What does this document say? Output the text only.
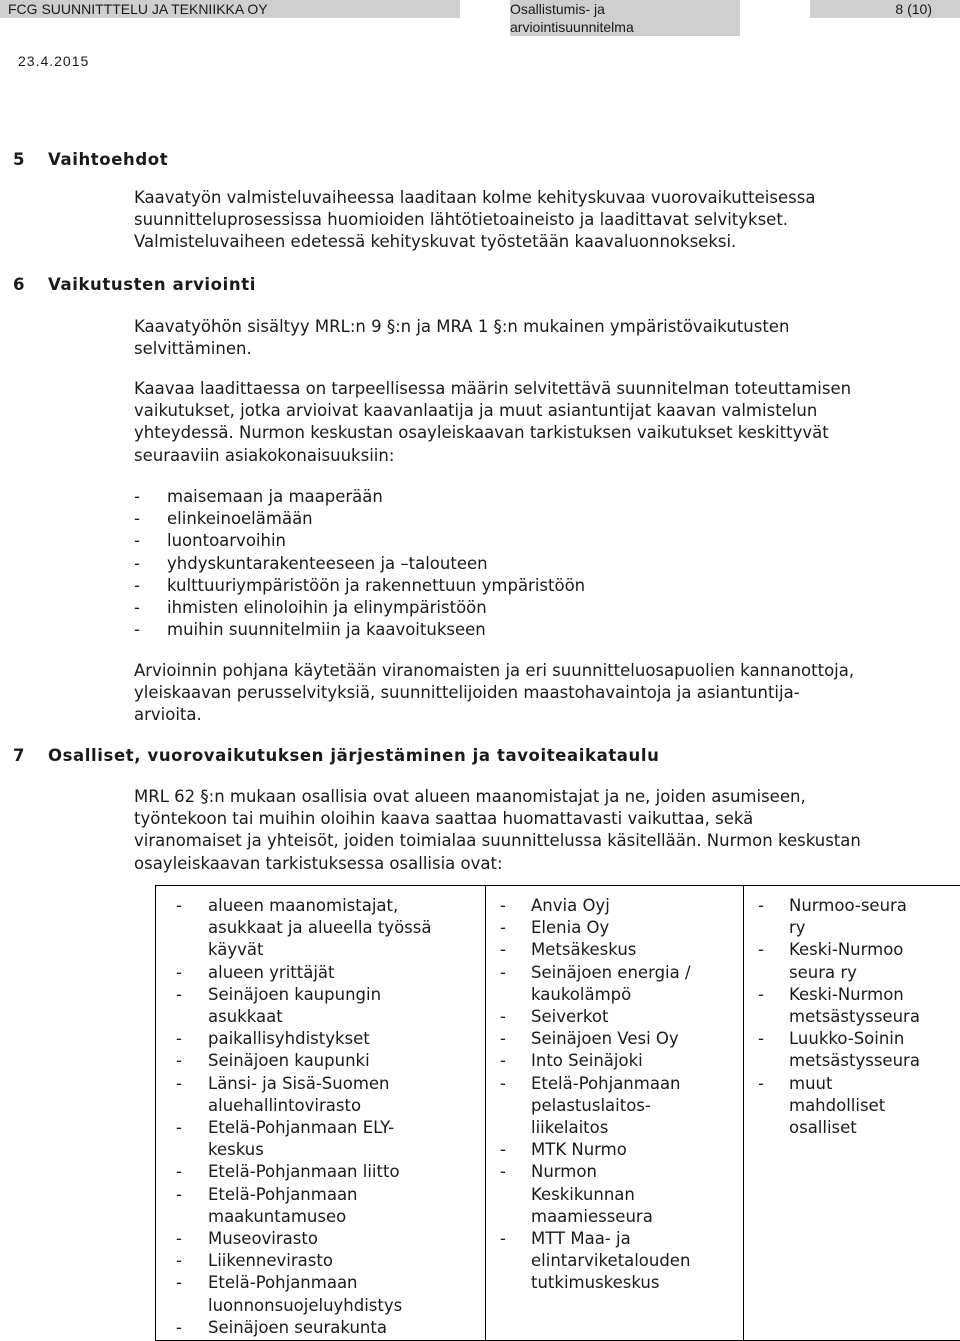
FCG SUUNNITTTELU JA TEKNIIKKA OY	Osallistumis- ja
arviointisuunnitelma
8 (10)
23.4.2015
5 Vaihtoehdot
Kaavatyön valmisteluvaiheessa laaditaan kolme kehityskuvaa vuorovaikutteisessa
suunnitteluprosessissa huomioiden lähtötietoaineisto ja laadittavat selvitykset.
Valmisteluvaiheen edetessä kehityskuvat työstetään kaavaluonnokseksi.
6 Vaikutusten arviointi
Kaavatyöhön sisältyy MRL:n 9 §:n ja MRA 1 §:n mukainen ympäristövaikutusten
selvittäminen.
Kaavaa laadittaessa on tarpeellisessa määrin selvitettävä suunnitelman toteuttamisen
vaikutukset, jotka arvioivat kaavanlaatija ja muut asiantuntijat kaavan valmistelun
yhteydessä. Nurmon keskustan osayleiskaavan tarkistuksen vaikutukset keskittyvät
seuraaviin asiakokonaisuuksiin:
- maisemaan ja maaperään
- elinkeinoelämään
- luontoarvoihin
- yhdyskuntarakenteeseen ja –talouteen
- kulttuuriympäristöön ja rakennettuun ympäristöön
- ihmisten elinoloihin ja elinympäristöön
- muihin suunnitelmiin ja kaavoitukseen
Arvioinnin pohjana käytetään viranomaisten ja eri suunnitteluosapuolien kannanottoja,
yleiskaavan perusselvityksiä, suunnittelijoiden maastohavaintoja ja asiantuntija-
arvioita.
7 Osalliset, vuorovaikutuksen järjestäminen ja tavoiteaikataulu
MRL 62 §:n mukaan osallisia ovat alueen maanomistajat ja ne, joiden asumiseen,
työntekoon tai muihin oloihin kaava saattaa huomattavasti vaikuttaa, sekä
viranomaiset ja yhteisöt, joiden toimialaa suunnittelussa käsitellään. Nurmon keskustan
osayleiskaavan tarkistuksessa osallisia ovat:
- alueen maanomistajat,
asukkaat ja alueella työssä
käyvät
- alueen yrittäjät
- Seinäjoen kaupungin
asukkaat
- paikallisyhdistykset
- Seinäjoen kaupunki
- Länsi- ja Sisä-Suomen
aluehallintovirasto
- Etelä-Pohjanmaan ELY-
keskus
- Etelä-Pohjanmaan liitto
- Etelä-Pohjanmaan
maakuntamuseo
- Museovirasto
- Liikennevirasto
- Etelä-Pohjanmaan
luonnonsuojeluyhdistys
- Seinäjoen seurakunta
- Anvia Oyj
- Elenia Oy
- Metsäkeskus
- Seinäjoen energia /
kaukolämpö
- Seiverkot
- Seinäjoen Vesi Oy
- Into Seinäjoki
- Etelä-Pohjanmaan
pelastuslaitos-
liikelaitos
- MTK Nurmo
- Nurmon
Keskikunnan
maamiesseura
- MTT Maa- ja
elintarviketalouden
tutkimuskeskus
- Nurmoo-seura
ry
- Keski-Nurmoo
seura ry
- Keski-Nurmon
metsästysseura
- Luukko-Soinin
metsästysseura
- muut
mahdolliset
osalliset
